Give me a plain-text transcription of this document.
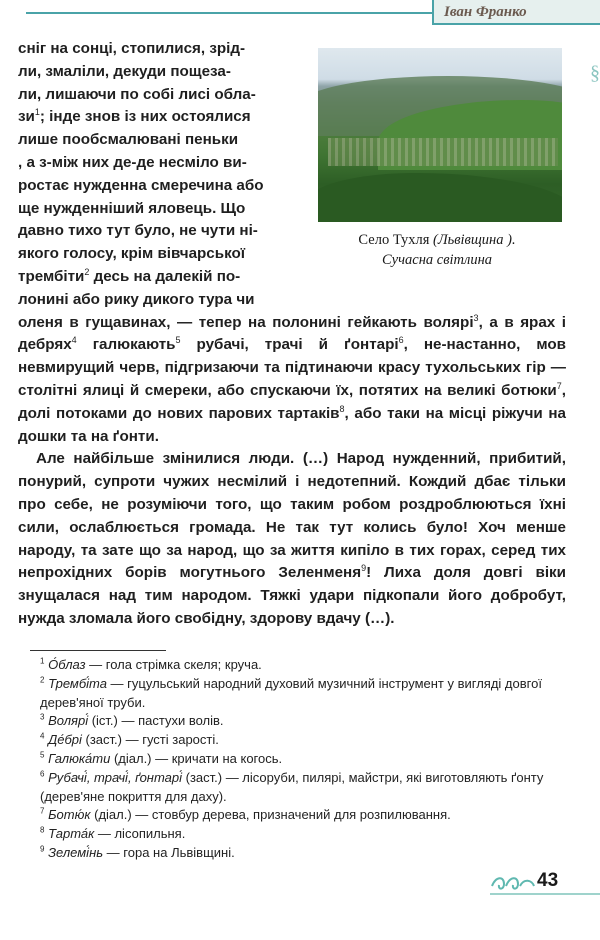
Іван Франко
§
Село Тухля (Львівщина ).
Сучасна світлина

сніг на сонці, стопилися, зрід-

ли, змаліли, декуди пощеза-

ли, лишаючи по собі лисі обла-

$зи^1$; інде знов із них остоялися

лише пообсмалювані пеньки

, а з-між них де-де несміло ви-

ростає нужденна смеречина або

ще нужденніший яловець. Що

давно тихо тут було, не чути ні-

якого голосу, крім вівчарської

трембіти$^2$ десь на далекій по-

лонині або рику дикого тура чи

оленя в гущавинах, — тепер на полонині гейкають волярі$^3$, а в ярах і дебрях$^4$ галюкають$^5$ рубачі, трачі й ґонтарі$^6$, не-настанно, мов невмирущий черв, підгризаючи та підтинаючи красу тухольських гір — столітні ялиці й смереки, або спускаючи їх, потятих на великі ботюки$^7$, долі потоками до нових парових тартаків$^8$, або таки на місці ріжучи на дошки та на ґонти.

Але найбільше змінилися люди. (…) Народ нужденний, прибитий, понурий, супроти чужих несмілий і недотепний. Кождий дбає тільки про себе, не розуміючи того, що таким робом роздроблюються їхні сили, ослаблюється громада. Не так тут колись було! Хоч менше народу, та зате що за народ, що за життя кипіло в тих горах, серед тих непрохідних борів могутнього Зеленменя$^9$! Лиха доля довгі віки знущалася над тим народом. Тяжкі удари підкопали його добробут, нужда зломала його свобідну, здорову вдачу (…).

$^1$ О́блаз — гола стрімка скеля; круча.

$^2$ Трембі́та — гуцульський народний духовий музичний інструмент у вигляді довгої дерев'яної труби.

$^3$ Волярі́ (іст.) — пастухи волів.

$^4$ Де́брі (заст.) — густі зарості.

$^5$ Галюка́ти (діал.) — кричати на когось.

$^6$ Рубачі́, трачі́, ґонтарі́ (заст.) — лісоруби, пилярі, майстри, які виготовляють ґонту (дерев'яне покриття для даху).

$^7$ Ботю́к (діал.) — стовбур дерева, призначений для розпилювання.

$^8$ Тарта́к — лісопильня.

$^9$ Зелемі́нь — гора на Львівщині.

43
